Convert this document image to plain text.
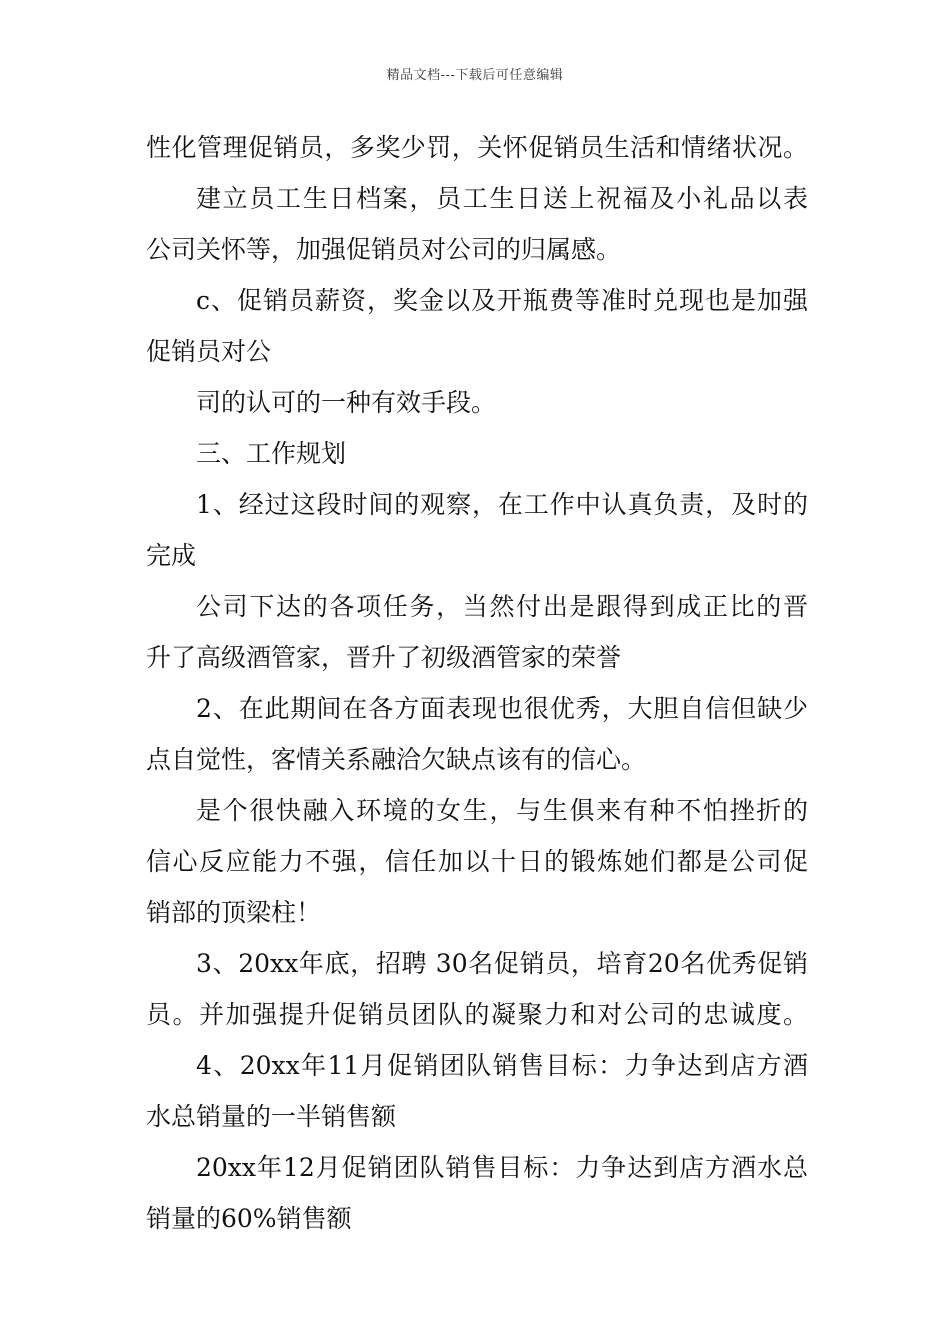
精品文档---下载后可任意编辑
性化管理促销员，多奖少罚，关怀促销员生活和情绪状况。
建立员工生日档案，员工生日送上祝福及小礼品以表
公司关怀等，加强促销员对公司的归属感。
c、促销员薪资，奖金以及开瓶费等准时兑现也是加强
促销员对公
司的认可的一种有效手段。
三、工作规划
1、经过这段时间的观察，在工作中认真负责，及时的
完成
公司下达的各项任务，当然付出是跟得到成正比的晋
升了高级酒管家，晋升了初级酒管家的荣誉
2、在此期间在各方面表现也很优秀，大胆自信但缺少
点自觉性，客情关系融洽欠缺点该有的信心。
是个很快融入环境的女生，与生俱来有种不怕挫折的
信心反应能力不强，信任加以十日的锻炼她们都是公司促
销部的顶梁柱！
3、20xx年底，招聘 30名促销员，培育20名优秀促销
员。并加强提升促销员团队的凝聚力和对公司的忠诚度。
4、20xx年11月促销团队销售目标：力争达到店方酒
水总销量的一半销售额
20xx年12月促销团队销售目标：力争达到店方酒水总
销量的60%销售额
